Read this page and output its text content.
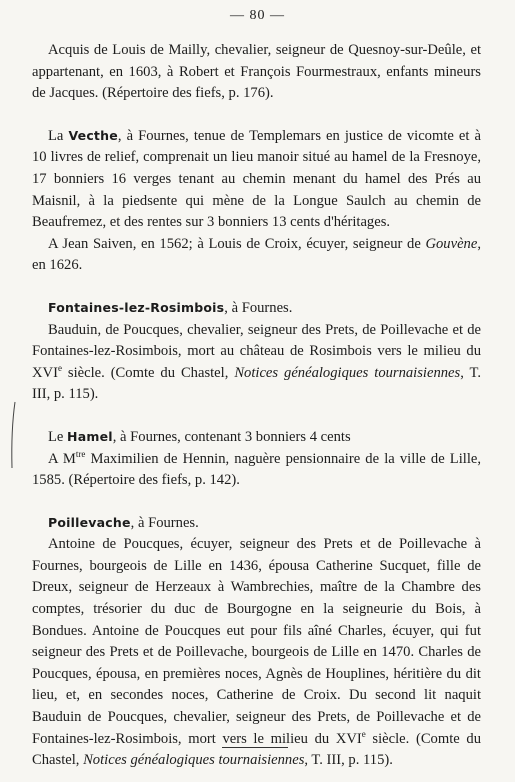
— 80 —

Acquis de Louis de Mailly, chevalier, seigneur de Quesnoy-sur-Deûle, et appartenant, en 1603, à Robert et François Fourmestraux, enfants mineurs de Jacques. (Répertoire des fiefs, p. 176).

La Vecthe, à Fournes, tenue de Templemars en justice de vicomte et à 10 livres de relief, comprenait un lieu manoir situé au hamel de la Fresnoye, 17 bonniers 16 verges tenant au chemin menant du hamel des Prés au Maisnil, à la piedsente qui mène de la Longue Saulch au chemin de Beaufremez, et des rentes sur 3 bonniers 13 cents d'héritages.

A Jean Saiven, en 1562; à Louis de Croix, écuyer, seigneur de Gouvène, en 1626.

Fontaines-lez-Rosimbois, à Fournes.

Bauduin, de Poucques, chevalier, seigneur des Prets, de Poillevache et de Fontaines-lez-Rosimbois, mort au château de Rosimbois vers le milieu du XVIe siècle. (Comte du Chastel, Notices généalogiques tournaisiennes, T. III, p. 115).

Le Hamel, à Fournes, contenant 3 bonniers 4 cents

A $M^{tre}$ Maximilien de Hennin, naguère pensionnaire de la ville de Lille, 1585. (Répertoire des fiefs, p. 142).

Poillevache, à Fournes.

Antoine de Poucques, écuyer, seigneur des Prets et de Poillevache à Fournes, bourgeois de Lille en 1436, épousa Catherine Sucquet, fille de Dreux, seigneur de Herzeaux à Wambrechies, maître de la Chambre des comptes, trésorier du duc de Bourgogne en la seigneurie du Bois, à Bondues. Antoine de Poucques eut pour fils aîné Charles, écuyer, qui fut seigneur des Prets et de Poillevache, bourgeois de Lille en 1470. Charles de Poucques, épousa, en premières noces, Agnès de Houplines, héritière du dit lieu, et, en secondes noces, Catherine de Croix. Du second lit naquit Bauduin de Poucques, chevalier, seigneur des Prets, de Poillevache et de Fontaines-lez-Rosimbois, mort vers le milieu du XVIe siècle. (Comte du Chastel, Notices généalogiques tournaisiennes, T. III, p. 115).
